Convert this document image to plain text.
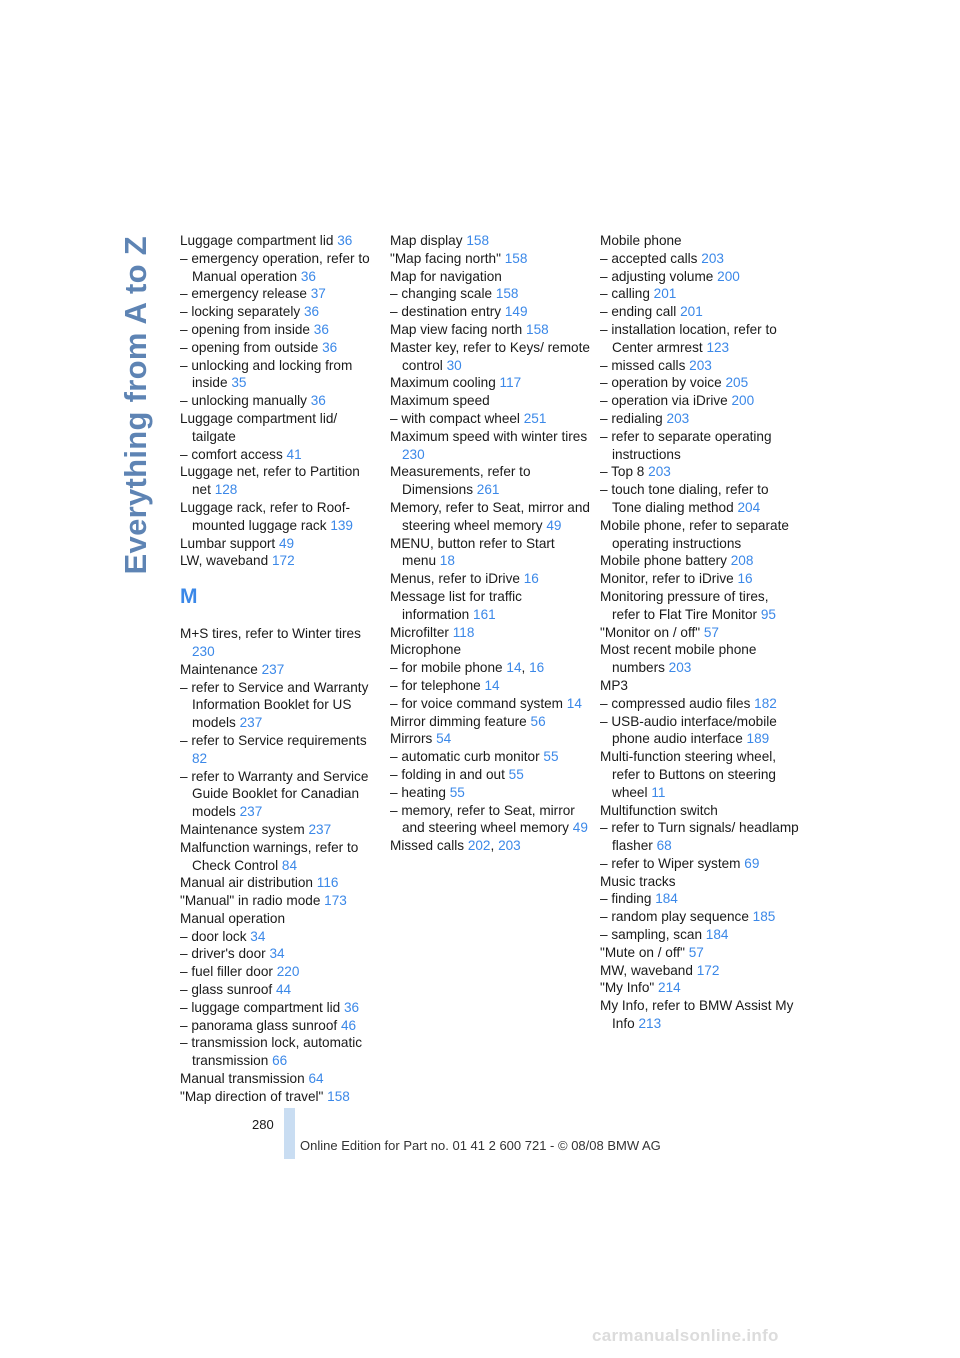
Everything from A to Z Luggage compartment lid 36
– emergency operation, refer to Manual operation 36
– emergency release 37
– locking separately 36
– opening from inside 36
– opening from outside 36
– unlocking and locking from inside 35
– unlocking manually 36
Luggage compartment lid/ tailgate
– comfort access 41
Luggage net, refer to Partition net 128
Luggage rack, refer to Roof-mounted luggage rack 139
Lumbar support 49
LW, waveband 172
M
M+S tires, refer to Winter tires 230
Maintenance 237
– refer to Service and Warranty Information Booklet for US models 237
– refer to Service requirements 82
– refer to Warranty and Service Guide Booklet for Canadian models 237
Maintenance system 237
Malfunction warnings, refer to Check Control 84
Manual air distribution 116
"Manual" in radio mode 173
Manual operation
– door lock 34
– driver's door 34
– fuel filler door 220
– glass sunroof 44
– luggage compartment lid 36
– panorama glass sunroof 46
– transmission lock, automatic transmission 66
Manual transmission 64
"Map direction of travel" 158
Map display 158
"Map facing north" 158
Map for navigation
– changing scale 158
– destination entry 149
Map view facing north 158
Master key, refer to Keys/ remote control 30
Maximum cooling 117
Maximum speed
– with compact wheel 251
Maximum speed with winter tires 230
Measurements, refer to Dimensions 261
Memory, refer to Seat, mirror and steering wheel memory 49
MENU, button refer to Start menu 18
Menus, refer to iDrive 16
Message list for traffic information 161
Microfilter 118
Microphone
– for mobile phone 14, 16
– for telephone 14
– for voice command system 14
Mirror dimming feature 56
Mirrors 54
– automatic curb monitor 55
– folding in and out 55
– heating 55
– memory, refer to Seat, mirror and steering wheel memory 49
Missed calls 202, 203
Mobile phone
– accepted calls 203
– adjusting volume 200
– calling 201
– ending call 201
– installation location, refer to Center armrest 123
– missed calls 203
– operation by voice 205
– operation via iDrive 200
– redialing 203
– refer to separate operating instructions
– Top 8 203
– touch tone dialing, refer to Tone dialing method 204
Mobile phone, refer to separate operating instructions
Mobile phone battery 208
Monitor, refer to iDrive 16
Monitoring pressure of tires, refer to Flat Tire Monitor 95
"Monitor on / off" 57
Most recent mobile phone numbers 203
MP3
– compressed audio files 182
– USB-audio interface/mobile phone audio interface 189
Multi-function steering wheel, refer to Buttons on steering wheel 11
Multifunction switch
– refer to Turn signals/ headlamp flasher 68
– refer to Wiper system 69
Music tracks
– finding 184
– random play sequence 185
– sampling, scan 184
"Mute on / off" 57
MW, waveband 172
"My Info" 214
My Info, refer to BMW Assist My Info 213
280
Online Edition for Part no. 01 41 2 600 721 - © 08/08 BMW AG
carmanualsonline.info
